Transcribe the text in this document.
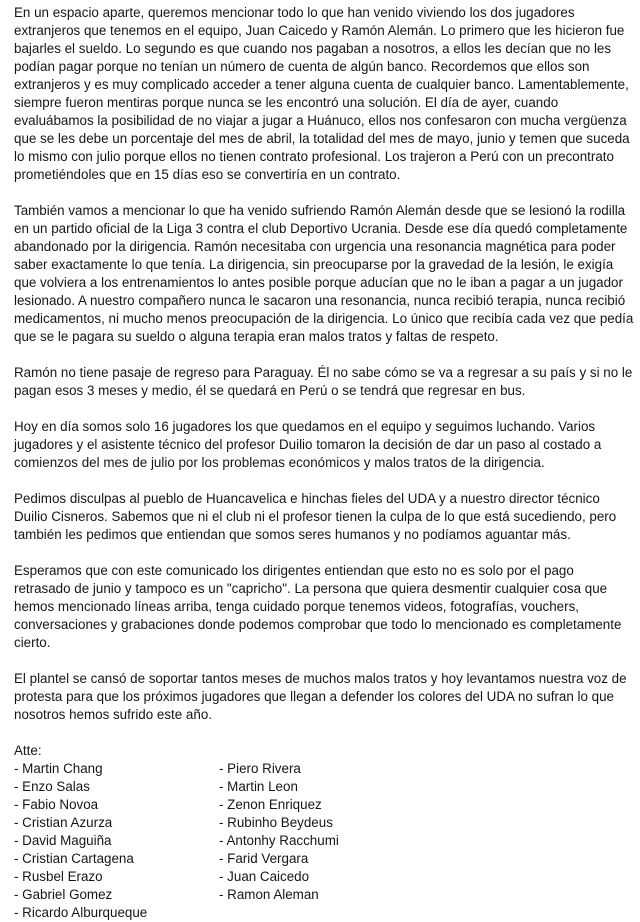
En un espacio aparte, queremos mencionar todo lo que han venido viviendo los dos jugadores extranjeros que tenemos en el equipo, Juan Caicedo y Ramón Alemán. Lo primero que les hicieron fue bajarles el sueldo. Lo segundo es que cuando nos pagaban a nosotros, a ellos les decían que no les podían pagar porque no tenían un número de cuenta de algún banco. Recordemos que ellos son extranjeros y es muy complicado acceder a tener alguna cuenta de cualquier banco. Lamentablemente, siempre fueron mentiras porque nunca se les encontró una solución. El día de ayer, cuando evaluábamos la posibilidad de no viajar a jugar a Huánuco, ellos nos confesaron con mucha vergüenza que se les debe un porcentaje del mes de abril, la totalidad del mes de mayo, junio y temen que suceda lo mismo con julio porque ellos no tienen contrato profesional. Los trajeron a Perú con un precontrato prometiéndoles que en 15 días eso se convertiría en un contrato.

También vamos a mencionar lo que ha venido sufriendo Ramón Alemán desde que se lesionó la rodilla en un partido oficial de la Liga 3 contra el club Deportivo Ucrania. Desde ese día quedó completamente abandonado por la dirigencia. Ramón necesitaba con urgencia una resonancia magnética para poder saber exactamente lo que tenía. La dirigencia, sin preocuparse por la gravedad de la lesión, le exigía que volviera a los entrenamientos lo antes posible porque aducían que no le iban a pagar a un jugador lesionado. A nuestro compañero nunca le sacaron una resonancia, nunca recibió terapia, nunca recibió medicamentos, ni mucho menos preocupación de la dirigencia. Lo único que recibía cada vez que pedía que se le pagara su sueldo o alguna terapia eran malos tratos y faltas de respeto.

Ramón no tiene pasaje de regreso para Paraguay. Él no sabe cómo se va a regresar a su país y si no le pagan esos 3 meses y medio, él se quedará en Perú o se tendrá que regresar en bus.

Hoy en día somos solo 16 jugadores los que quedamos en el equipo y seguimos luchando. Varios jugadores y el asistente técnico del profesor Duilio tomaron la decisión de dar un paso al costado a comienzos del mes de julio por los problemas económicos y malos tratos de la dirigencia.

Pedimos disculpas al pueblo de Huancavelica e hinchas fieles del UDA y a nuestro director técnico Duilio Cisneros. Sabemos que ni el club ni el profesor tienen la culpa de lo que está sucediendo, pero también les pedimos que entiendan que somos seres humanos y no podíamos aguantar más.

Esperamos que con este comunicado los dirigentes entiendan que esto no es solo por el pago retrasado de junio y tampoco es un "capricho". La persona que quiera desmentir cualquier cosa que hemos mencionado líneas arriba, tenga cuidado porque tenemos videos, fotografías, vouchers, conversaciones y grabaciones donde podemos comprobar que todo lo mencionado es completamente cierto.

El plantel se cansó de soportar tantos meses de muchos malos tratos y hoy levantamos nuestra voz de protesta para que los próximos jugadores que llegan a defender los colores del UDA no sufran lo que nosotros hemos sufrido este año.

Atte:

- Martin Chang
- Enzo Salas
- Fabio Novoa
- Cristian Azurza
- David Maguiña
- Cristian Cartagena
- Rusbel Erazo
- Gabriel Gomez
- Ricardo Alburqueque
- Piero Rivera
- Martin Leon
- Zenon Enriquez
- Rubinho Beydeus
- Antonhy Racchumi
- Farid Vergara
- Juan Caicedo
- Ramon Aleman
